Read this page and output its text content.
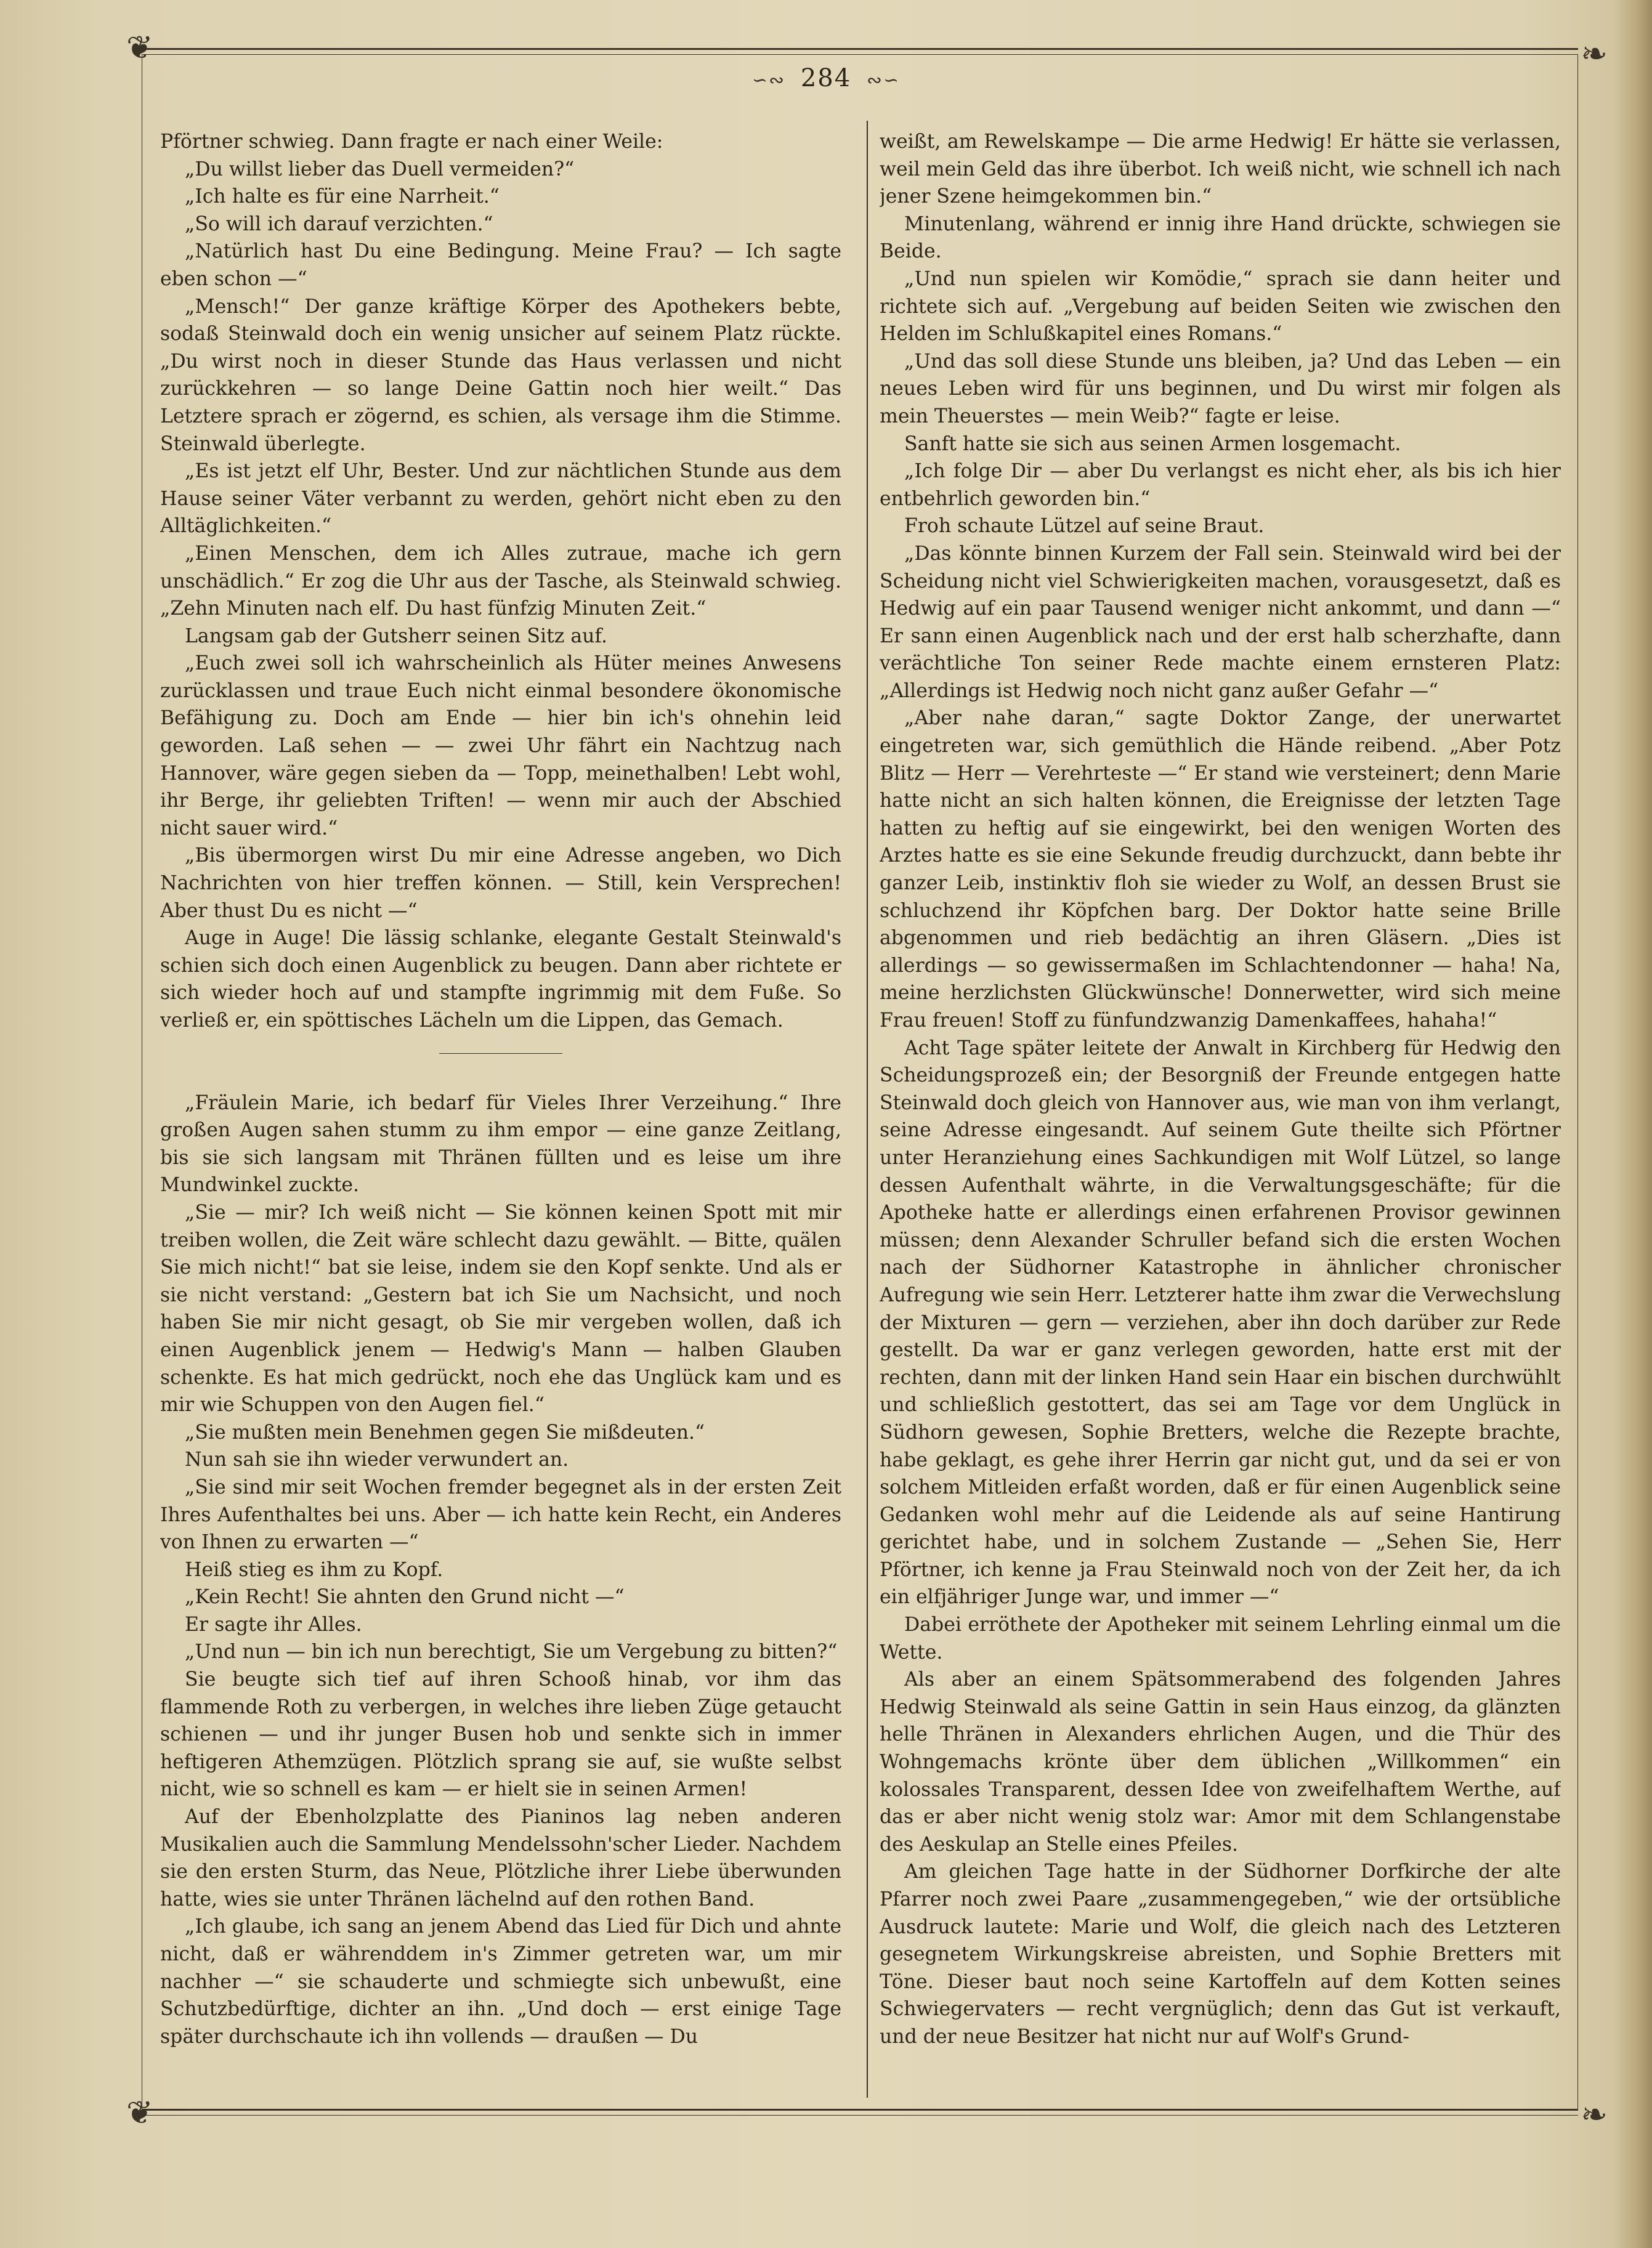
❦	❧
❦	❧
∽∾ 284 ∾∽

Pförtner schwieg. Dann fragte er nach einer Weile:

„Du willst lieber das Duell vermeiden?“

„Ich halte es für eine Narrheit.“

„So will ich darauf verzichten.“

„Natürlich hast Du eine Bedingung. Meine Frau? — Ich sagte eben schon —“

„Mensch!“ Der ganze kräftige Körper des Apothekers bebte, sodaß Steinwald doch ein wenig unsicher auf seinem Platz rückte. „Du wirst noch in dieser Stunde das Haus verlassen und nicht zurückkehren — so lange Deine Gattin noch hier weilt.“ Das Letztere sprach er zögernd, es schien, als versage ihm die Stimme. Steinwald überlegte.

„Es ist jetzt elf Uhr, Bester. Und zur nächtlichen Stunde aus dem Hause seiner Väter verbannt zu werden, gehört nicht eben zu den Alltäglichkeiten.“

„Einen Menschen, dem ich Alles zutraue, mache ich gern unschädlich.“ Er zog die Uhr aus der Tasche, als Steinwald schwieg. „Zehn Minuten nach elf. Du hast fünfzig Minuten Zeit.“

Langsam gab der Gutsherr seinen Sitz auf.

„Euch zwei soll ich wahrscheinlich als Hüter meines Anwesens zurücklassen und traue Euch nicht einmal besondere ökonomische Befähigung zu. Doch am Ende — hier bin ich's ohnehin leid geworden. Laß sehen — — zwei Uhr fährt ein Nachtzug nach Hannover, wäre gegen sieben da — Topp, meinethalben! Lebt wohl, ihr Berge, ihr geliebten Triften! — wenn mir auch der Abschied nicht sauer wird.“

„Bis übermorgen wirst Du mir eine Adresse angeben, wo Dich Nachrichten von hier treffen können. — Still, kein Versprechen! Aber thust Du es nicht —“

Auge in Auge! Die lässig schlanke, elegante Gestalt Steinwald's schien sich doch einen Augenblick zu beugen. Dann aber richtete er sich wieder hoch auf und stampfte ingrimmig mit dem Fuße. So verließ er, ein spöttisches Lächeln um die Lippen, das Gemach.

„Fräulein Marie, ich bedarf für Vieles Ihrer Verzeihung.“ Ihre großen Augen sahen stumm zu ihm empor — eine ganze Zeitlang, bis sie sich langsam mit Thränen füllten und es leise um ihre Mundwinkel zuckte.

„Sie — mir? Ich weiß nicht — Sie können keinen Spott mit mir treiben wollen, die Zeit wäre schlecht dazu gewählt. — Bitte, quälen Sie mich nicht!“ bat sie leise, indem sie den Kopf senkte. Und als er sie nicht verstand: „Gestern bat ich Sie um Nachsicht, und noch haben Sie mir nicht gesagt, ob Sie mir vergeben wollen, daß ich einen Augenblick jenem — Hedwig's Mann — halben Glauben schenkte. Es hat mich gedrückt, noch ehe das Unglück kam und es mir wie Schuppen von den Augen fiel.“

„Sie mußten mein Benehmen gegen Sie mißdeuten.“

Nun sah sie ihn wieder verwundert an.

„Sie sind mir seit Wochen fremder begegnet als in der ersten Zeit Ihres Aufenthaltes bei uns. Aber — ich hatte kein Recht, ein Anderes von Ihnen zu erwarten —“

Heiß stieg es ihm zu Kopf.

„Kein Recht! Sie ahnten den Grund nicht —“

Er sagte ihr Alles.

„Und nun — bin ich nun berechtigt, Sie um Vergebung zu bitten?“

Sie beugte sich tief auf ihren Schooß hinab, vor ihm das flammende Roth zu verbergen, in welches ihre lieben Züge getaucht schienen — und ihr junger Busen hob und senkte sich in immer heftigeren Athemzügen. Plötzlich sprang sie auf, sie wußte selbst nicht, wie so schnell es kam — er hielt sie in seinen Armen!

Auf der Ebenholzplatte des Pianinos lag neben anderen Musikalien auch die Sammlung Mendelssohn'scher Lieder. Nachdem sie den ersten Sturm, das Neue, Plötzliche ihrer Liebe überwunden hatte, wies sie unter Thränen lächelnd auf den rothen Band.

„Ich glaube, ich sang an jenem Abend das Lied für Dich und ahnte nicht, daß er währenddem in's Zimmer getreten war, um mir nachher —“ sie schauderte und schmiegte sich unbewußt, eine Schutzbedürftige, dichter an ihn. „Und doch — erst einige Tage später durchschaute ich ihn vollends — draußen — Du

weißt, am Rewelskampe — Die arme Hedwig! Er hätte sie verlassen, weil mein Geld das ihre überbot. Ich weiß nicht, wie schnell ich nach jener Szene heimgekommen bin.“

Minutenlang, während er innig ihre Hand drückte, schwiegen sie Beide.

„Und nun spielen wir Komödie,“ sprach sie dann heiter und richtete sich auf. „Vergebung auf beiden Seiten wie zwischen den Helden im Schlußkapitel eines Romans.“

„Und das soll diese Stunde uns bleiben, ja? Und das Leben — ein neues Leben wird für uns beginnen, und Du wirst mir folgen als mein Theuerstes — mein Weib?“ fagte er leise.

Sanft hatte sie sich aus seinen Armen losgemacht.

„Ich folge Dir — aber Du verlangst es nicht eher, als bis ich hier entbehrlich geworden bin.“

Froh schaute Lützel auf seine Braut.

„Das könnte binnen Kurzem der Fall sein. Steinwald wird bei der Scheidung nicht viel Schwierigkeiten machen, vorausgesetzt, daß es Hedwig auf ein paar Tausend weniger nicht ankommt, und dann —“ Er sann einen Augenblick nach und der erst halb scherzhafte, dann verächtliche Ton seiner Rede machte einem ernsteren Platz: „Allerdings ist Hedwig noch nicht ganz außer Gefahr —“

„Aber nahe daran,“ sagte Doktor Zange, der unerwartet eingetreten war, sich gemüthlich die Hände reibend. „Aber Potz Blitz — Herr — Verehrteste —“ Er stand wie versteinert; denn Marie hatte nicht an sich halten können, die Ereignisse der letzten Tage hatten zu heftig auf sie eingewirkt, bei den wenigen Worten des Arztes hatte es sie eine Sekunde freudig durchzuckt, dann bebte ihr ganzer Leib, instinktiv floh sie wieder zu Wolf, an dessen Brust sie schluchzend ihr Köpfchen barg. Der Doktor hatte seine Brille abgenommen und rieb bedächtig an ihren Gläsern. „Dies ist allerdings — so gewissermaßen im Schlachtendonner — haha! Na, meine herzlichsten Glückwünsche! Donnerwetter, wird sich meine Frau freuen! Stoff zu fünfundzwanzig Damenkaffees, hahaha!“

Acht Tage später leitete der Anwalt in Kirchberg für Hedwig den Scheidungsprozeß ein; der Besorgniß der Freunde entgegen hatte Steinwald doch gleich von Hannover aus, wie man von ihm verlangt, seine Adresse eingesandt. Auf seinem Gute theilte sich Pförtner unter Heranziehung eines Sachkundigen mit Wolf Lützel, so lange dessen Aufenthalt währte, in die Verwaltungsgeschäfte; für die Apotheke hatte er allerdings einen erfahrenen Provisor gewinnen müssen; denn Alexander Schruller befand sich die ersten Wochen nach der Südhorner Katastrophe in ähnlicher chronischer Aufregung wie sein Herr. Letzterer hatte ihm zwar die Verwechslung der Mixturen — gern — verziehen, aber ihn doch darüber zur Rede gestellt. Da war er ganz verlegen geworden, hatte erst mit der rechten, dann mit der linken Hand sein Haar ein bischen durchwühlt und schließlich gestottert, das sei am Tage vor dem Unglück in Südhorn gewesen, Sophie Bretters, welche die Rezepte brachte, habe geklagt, es gehe ihrer Herrin gar nicht gut, und da sei er von solchem Mitleiden erfaßt worden, daß er für einen Augenblick seine Gedanken wohl mehr auf die Leidende als auf seine Hantirung gerichtet habe, und in solchem Zustande — „Sehen Sie, Herr Pförtner, ich kenne ja Frau Steinwald noch von der Zeit her, da ich ein elfjähriger Junge war, und immer —“

Dabei erröthete der Apotheker mit seinem Lehrling einmal um die Wette.

Als aber an einem Spätsommerabend des folgenden Jahres Hedwig Steinwald als seine Gattin in sein Haus einzog, da glänzten helle Thränen in Alexanders ehrlichen Augen, und die Thür des Wohngemachs krönte über dem üblichen „Willkommen“ ein kolossales Transparent, dessen Idee von zweifelhaftem Werthe, auf das er aber nicht wenig stolz war: Amor mit dem Schlangenstabe des Aeskulap an Stelle eines Pfeiles.

Am gleichen Tage hatte in der Südhorner Dorfkirche der alte Pfarrer noch zwei Paare „zusammengegeben,“ wie der ortsübliche Ausdruck lautete: Marie und Wolf, die gleich nach des Letzteren gesegnetem Wirkungskreise abreisten, und Sophie Bretters mit Töne. Dieser baut noch seine Kartoffeln auf dem Kotten seines Schwiegervaters — recht vergnüglich; denn das Gut ist verkauft, und der neue Besitzer hat nicht nur auf Wolf's Grund-
